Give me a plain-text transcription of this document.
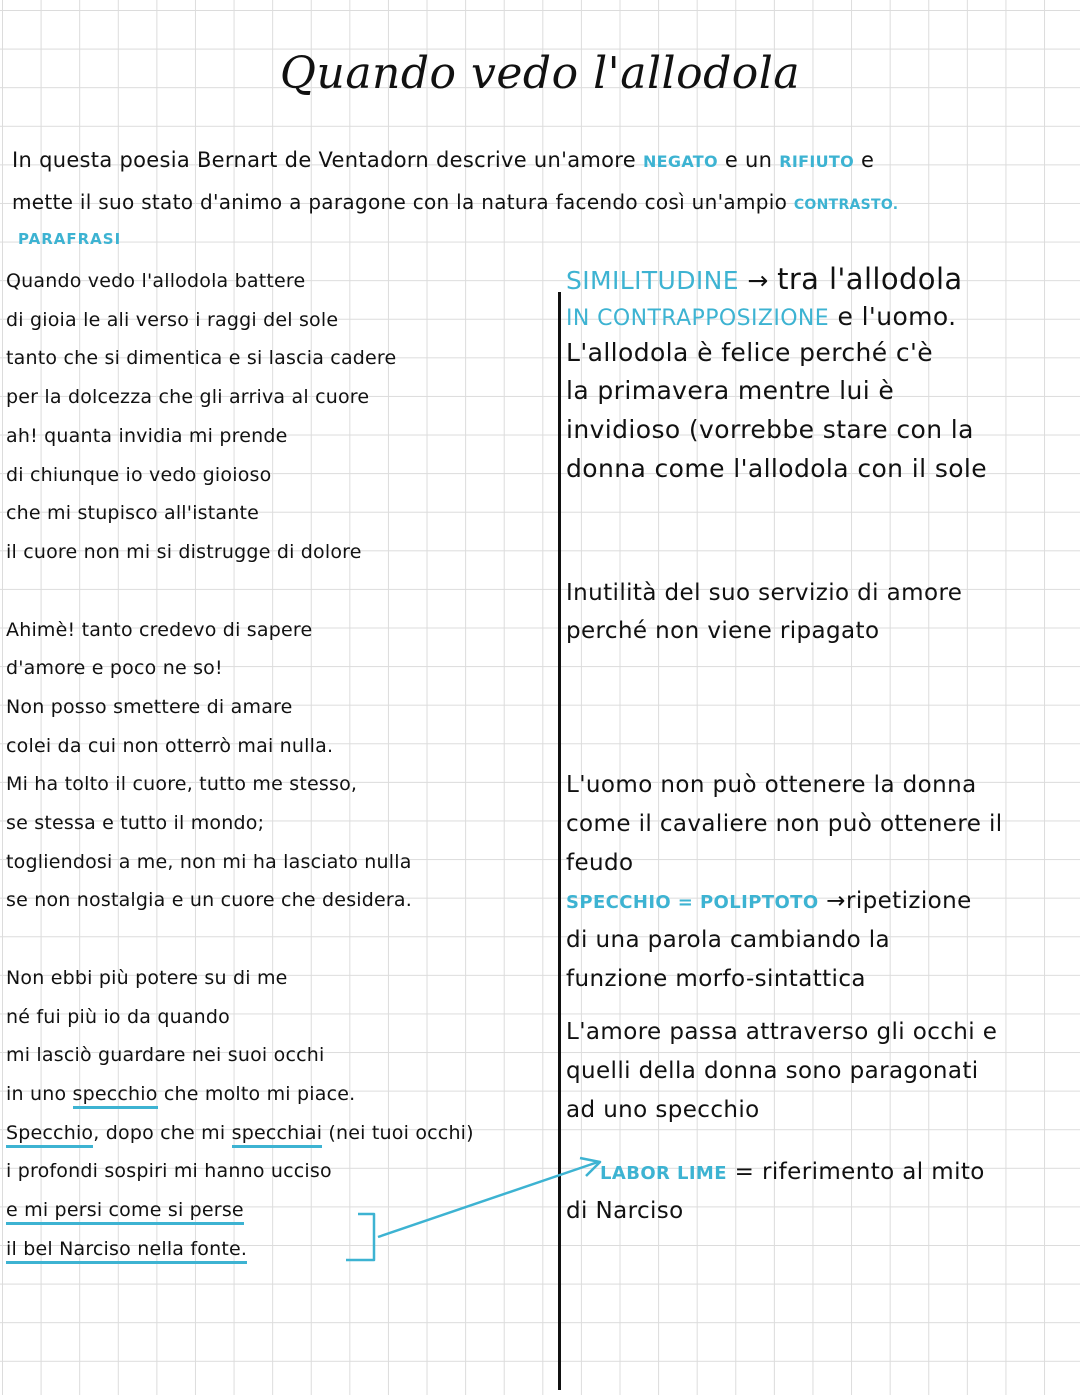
Quando vedo l'allodola
In questa poesia Bernart de Ventadorn descrive un'amore NEGATO e un RIFIUTO e
mette il suo stato d'animo a paragone con la natura facendo così un'ampio CONTRASTO.
PARAFRASI
Quando vedo l'allodola battere
di gioia le ali verso i raggi del sole
tanto che si dimentica e si lascia cadere
per la dolcezza che gli arriva al cuore
ah! quanta invidia mi prende
di chiunque io vedo gioioso
che mi stupisco all'istante
il cuore non mi si distrugge di dolore
Ahimè! tanto credevo di sapere
d'amore e poco ne so!
Non posso smettere di amare
colei da cui non otterrò mai nulla.
Mi ha tolto il cuore, tutto me stesso,
se stessa e tutto il mondo;
togliendosi a me, non mi ha lasciato nulla
se non nostalgia e un cuore che desidera.
Non ebbi più potere su di me
né fui più io da quando
mi lasciò guardare nei suoi occhi
in uno specchio che molto mi piace.
Specchio, dopo che mi specchiai (nei tuoi occhi)
i profondi sospiri mi hanno ucciso
e mi persi come si perse
il bel Narciso nella fonte.
SIMILITUDINE → tra l'allodola
IN CONTRAPPOSIZIONE e l'uomo.
L'allodola è felice perché c'è
la primavera mentre lui è
invidioso (vorrebbe stare con la
donna come l'allodola con il sole
Inutilità del suo servizio di amore
perché non viene ripagato
L'uomo non può ottenere la donna
come il cavaliere non può ottenere il
feudo
SPECCHIO = POLIPTOTO →ripetizione
di una parola cambiando la
funzione morfo-sintattica
L'amore passa attraverso gli occhi e
quelli della donna sono paragonati
ad uno specchio
LABOR LIME = riferimento al mito
di Narciso
